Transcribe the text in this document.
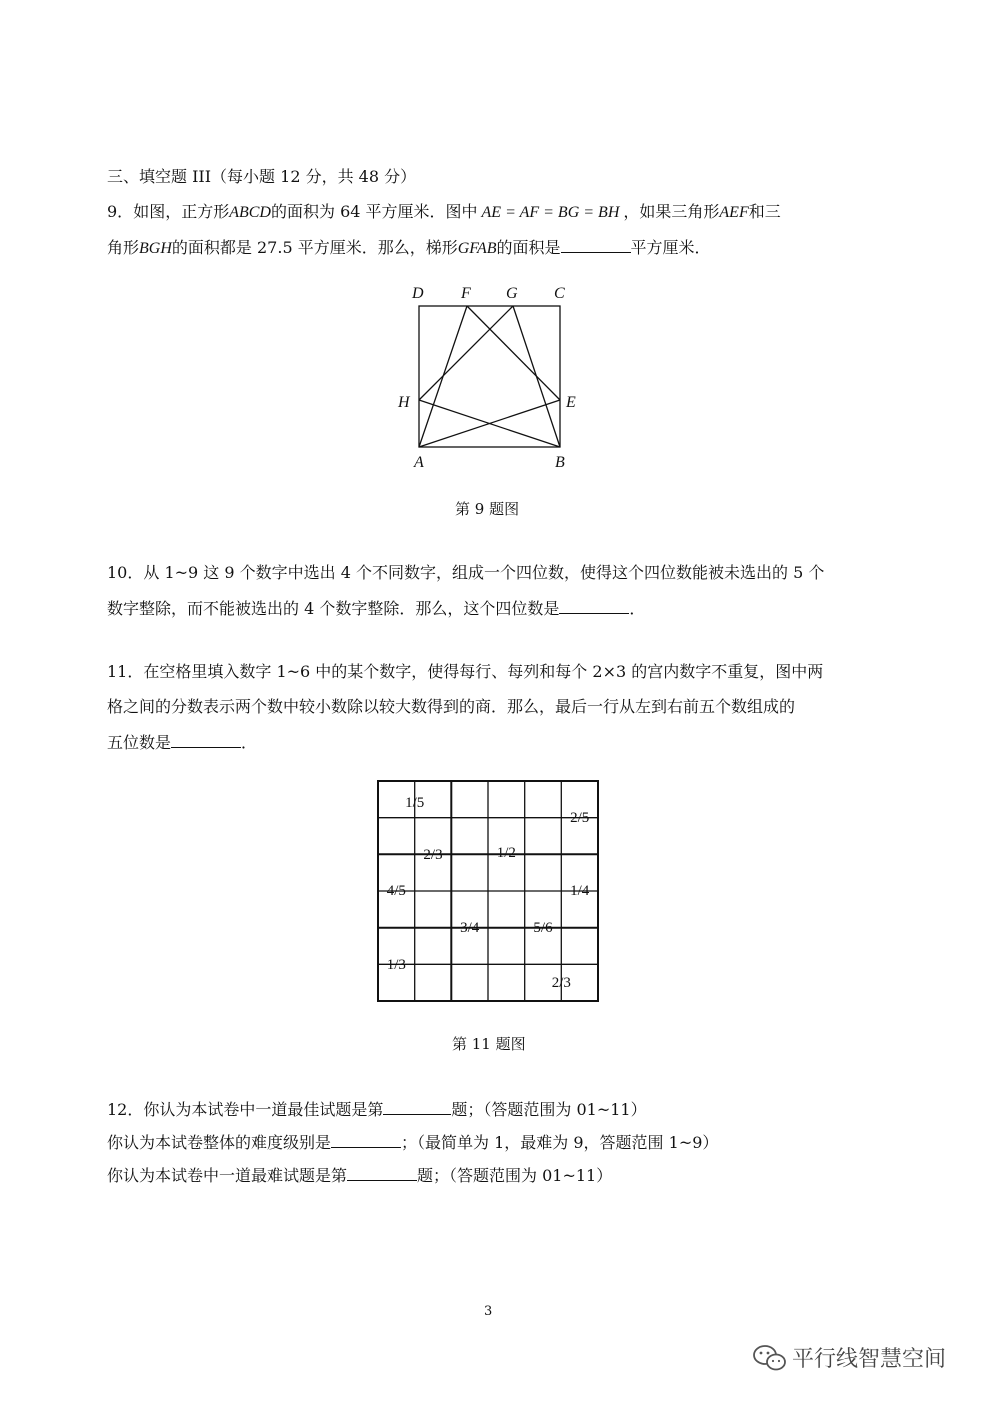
三、填空题 III（每小题 12 分，共 48 分）
9．如图，正方形ABCD的面积为 64 平方厘米．图中 AE = AF = BG = BH ，如果三角形AEF和三
角形BGH的面积都是 27.5 平方厘米．那么，梯形GFAB的面积是	平方厘米．
D F G C
H	E
A	B
第 9 题图
10．从 1~9 这 9 个数字中选出 4 个不同数字，组成一个四位数，使得这个四位数能被未选出的 5 个
数字整除，而不能被选出的 4 个数字整除．那么，这个四位数是	．
11．在空格里填入数字 1~6 中的某个数字，使得每行、每列和每个 2×3 的宫内数字不重复，图中两
格之间的分数表示两个数中较小数除以较大数得到的商．那么，最后一行从左到右前五个数组成的
五位数是	．
1/5
2/5
2/3	1/2
4/5	1/4
3/4	5/6
1/3
2/3
第 11 题图
12．你认为本试卷中一道最佳试题是第	题；（答题范围为 01~11）
你认为本试卷整体的难度级别是	；（最简单为 1，最难为 9，答题范围 1~9）
你认为本试卷中一道最难试题是第	题；（答题范围为 01~11）
3
平行线智慧空间
